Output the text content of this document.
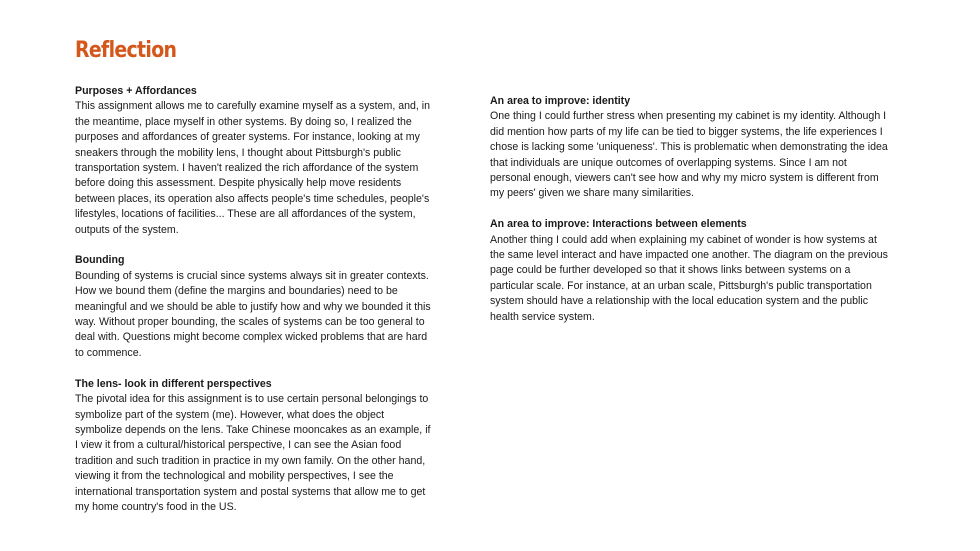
Reflection

Purposes + Affordances

This assignment allows me to carefully examine myself as a system, and, in the meantime, place myself in other systems. By doing so, I realized the purposes and affordances of greater systems. For instance, looking at my sneakers through the mobility lens, I thought about Pittsburgh's public transportation system. I haven't realized the rich affordance of the system before doing this assessment. Despite physically help move residents between places, its operation also affects people's time schedules, people's lifestyles, locations of facilities... These are all affordances of the system, outputs of the system.

Bounding

Bounding of systems is crucial since systems always sit in greater contexts. How we bound them (define the margins and boundaries) need to be meaningful and we should be able to justify how and why we bounded it this way. Without proper bounding, the scales of systems can be too general to deal with. Questions might become complex wicked problems that are hard to commence.

The lens- look in different perspectives

The pivotal idea for this assignment is to use certain personal belongings to symbolize part of the system (me). However, what does the object symbolize depends on the lens. Take Chinese mooncakes as an example, if I view it from a cultural/historical perspective, I can see the Asian food tradition and such tradition in practice in my own family. On the other hand, viewing it from the technological and mobility perspectives, I see the international transportation system and postal systems that allow me to get my home country's food in the US.

An area to improve: identity

One thing I could further stress when presenting my cabinet is my identity. Although I did mention how parts of my life can be tied to bigger systems, the life experiences I chose is lacking some 'uniqueness'. This is problematic when demonstrating the idea that individuals are unique outcomes of overlapping systems. Since I am not personal enough, viewers can't see how and why my micro system is different from my peers' given we share many similarities.

An area to improve: Interactions between elements

Another thing I could add when explaining my cabinet of wonder is how systems at the same level interact and have impacted one another. The diagram on the previous page could be further developed so that it shows links between systems on a particular scale. For instance, at an urban scale, Pittsburgh's public transportation system should have a relationship with the local education system and the public health service system.
